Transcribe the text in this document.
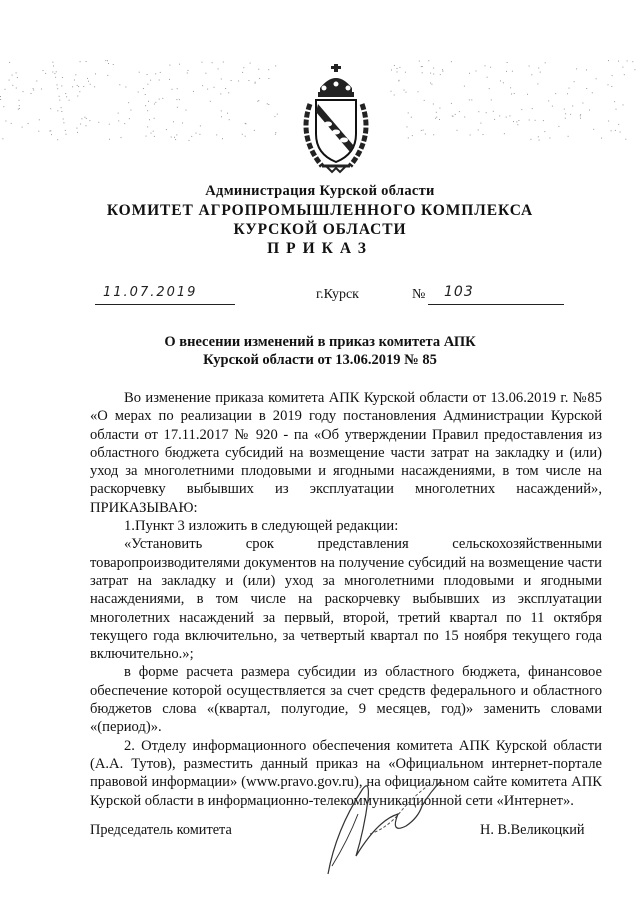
Администрация Курской области
КОМИТЕТ АГРОПРОМЫШЛЕННОГО КОМПЛЕКСА
КУРСКОЙ ОБЛАСТИ
ПРИКАЗ
11.07.2019	г.Курск	№ 103
О внесении изменений в приказ комитета АПК
Курской области от 13.06.2019 № 85

Во изменение приказа комитета АПК Курской области от 13.06.2019 г. №85 «О мерах по реализации в 2019 году постановления Администрации Курской области от 17.11.2017 № 920 - па «Об утверждении Правил предоставления из областного бюджета субсидий на возмещение части затрат на закладку и (или) уход за многолетними плодовыми и ягодными насаждениями, в том числе на раскорчевку выбывших из эксплуатации многолетних насаждений», ПРИКАЗЫВАЮ:

1.Пункт 3 изложить в следующей редакции:

«Установить срок представления сельскохозяйственными товаропроизводителями документов на получение субсидий на возмещение части затрат на закладку и (или) уход за многолетними плодовыми и ягодными насаждениями, в том числе на раскорчевку выбывших из эксплуатации многолетних насаждений за первый, второй, третий квартал по 11 октября текущего года включительно, за четвертый квартал по 15 ноября текущего года включительно.»;

в форме расчета размера субсидии из областного бюджета, финансовое обеспечение которой осуществляется за счет средств федерального и областного бюджетов слова «(квартал, полугодие, 9 месяцев, год)» заменить словами «(период)».

2. Отделу информационного обеспечения комитета АПК Курской области (А.А. Тутов), разместить данный приказ на «Официальном интернет-портале правовой информации» (www.pravo.gov.ru), на официальном сайте комитета АПК Курской области в информационно-телекоммуникационной сети «Интернет».

Председатель комитета	Н. В.Великоцкий
